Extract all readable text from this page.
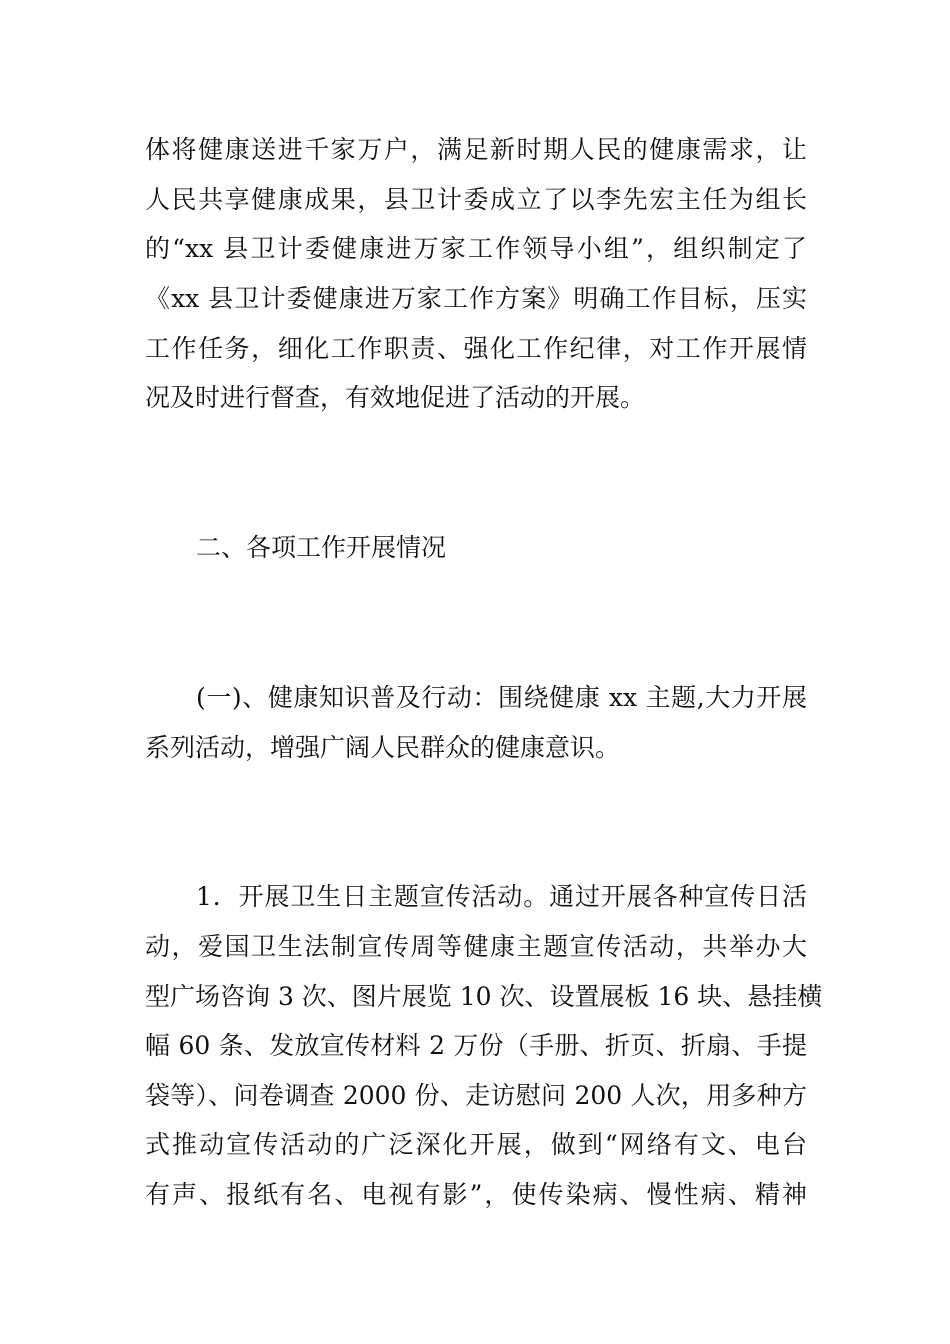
体将健康送进千家万户，满足新时期人民的健康需求，让
人民共享健康成果，县卫计委成立了以李先宏主任为组长
的“xx 县卫计委健康进万家工作领导小组”，组织制定了
《xx 县卫计委健康进万家工作方案》明确工作目标，压实
工作任务，细化工作职责、强化工作纪律，对工作开展情
况及时进行督查，有效地促进了活动的开展。
二、各项工作开展情况
(一)、健康知识普及行动：围绕健康 xx 主题,大力开展
系列活动，增强广阔人民群众的健康意识。
1．开展卫生日主题宣传活动。通过开展各种宣传日活
动，爱国卫生法制宣传周等健康主题宣传活动，共举办大
型广场咨询 3 次、图片展览 10 次、设置展板 16 块、悬挂横
幅 60 条、发放宣传材料 2 万份（手册、折页、折扇、手提
袋等）、问卷调查 2000 份、走访慰问 200 人次，用多种方
式推动宣传活动的广泛深化开展，做到“网络有文、电台
有声、报纸有名、电视有影”，使传染病、慢性病、精神
